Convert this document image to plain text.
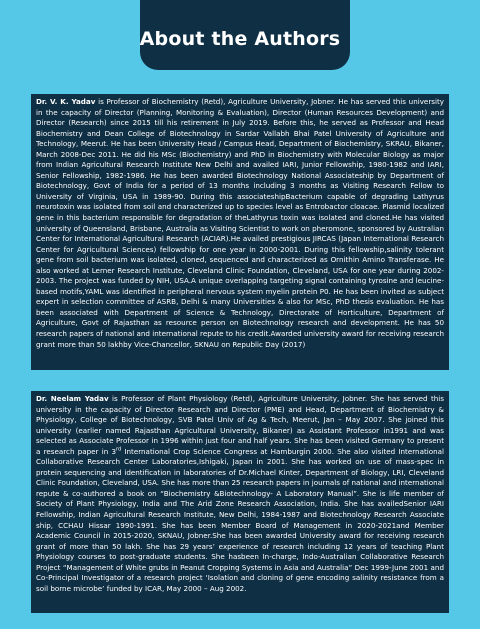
About the Authors
Dr. V. K. Yadav is Professor of Biochemistry (Retd), Agriculture University, Jobner. He has served this university in the capacity of Director (Planning, Monitoring & Evaluation), Director (Human Resources Development) and Director (Research) since 2015 till his retirement in July 2019. Before this, he served as Professor and Head Biochemistry and Dean College of Biotechnology in Sardar Vallabh Bhai Patel University of Agriculture and Technology, Meerut. He has been University Head / Campus Head, Department of Biochemistry, SKRAU, Bikaner, March 2008-Dec 2011. He did his MSc (Biochemistry) and PhD in Biochemistry with Molecular Biology as major from Indian Agricultural Research Institute New Delhi and availed IARI, Junior Fellowship, 1980-1982 and IARI, Senior Fellowship, 1982-1986. He has been awarded Biotechnology National Associateship by Department of Biotechnology, Govt of India for a period of 13 months including 3 months as Visiting Research Fellow to University of Virginia, USA in 1989-90. During this associateshipBacterium capable of degrading Lathyrus neurotoxin was isolated from soil and characterized up to species level as Entrobactor cloacae. Plasmid localized gene in this bacterium responsible for degradation of theLathyrus toxin was isolated and cloned.He has visited university of Queensland, Brisbane, Australia as Visiting Scientist to work on pheromone, sponsored by Australian Center for International Agricultural Research (ACIAR).He availed prestigious JIRCAS (Japan International Research Center for Agricultural Sciences) fellowship for one year in 2000-2001. During this fellowship,salinity tolerant gene from soil bacterium was isolated, cloned, sequenced and characterized as Ornithin Amino Transferase. He also worked at Lerner Research Institute, Cleveland Clinic Foundation, Cleveland, USA for one year during 2002-2003. The project was funded by NIH, USA.A unique overlapping targeting signal containing tyrosine and leucine-based motifs,YAML was identified in peripheral nervous system myelin protein P0. He has been invited as subject expert in selection committee of ASRB, Delhi & many Universities & also for MSc, PhD thesis evaluation. He has been associated with Department of Science & Technology, Directorate of Horticulture, Department of Agriculture, Govt of Rajasthan as resource person on Biotechnology research and development. He has 50 research papers of national and international repute to his credit.Awarded university award for receiving research grant more than 50 lakhby Vice-Chancellor, SKNAU on Republic Day (2017)
Dr. Neelam Yadav is Professor of Plant Physiology (Retd), Agriculture University, Jobner. She has served this university in the capacity of Director Research and Director (PME) and Head, Department of Biochemistry & Physiology, College of Biotechnology, SVB Patel Univ of Ag & Tech, Meerut, Jan – May 2007. She joined this university (earlier named Rajasthan Agricultural University, Bikaner) as Assistant Professor in1991 and was selected as Associate Professor in 1996 within just four and half years. She has been visited Germany to present a research paper in 3rd International Crop Science Congress at Hamburgin 2000. She also visited International Collaborative Research Center Laboratories,Ishigaki, Japan in 2001. She has worked on use of mass-spec in protein sequencing and identification in laboratories of Dr.Michael Kinter, Department of Biology, LRI, Cleveland Clinic Foundation, Cleveland, USA. She has more than 25 research papers in journals of national and international repute & co-authored a book on “Biochemistry &Biotechnology- A Laboratory Manual”. She is life member of Society of Plant Physiology, India and The Arid Zone Research Association, India. She has availedSenior IARI Fellowship, Indian Agricultural Research Institute, New Delhi, 1984-1987 and Biotechnology Research Associate ship, CCHAU Hissar 1990-1991. She has been Member Board of Management in 2020-2021and Member Academic Council in 2015-2020, SKNAU, Jobner.She has been awarded University award for receiving research grant of more than 50 lakh. She has 29 years’ experience of research including 12 years of teaching Plant Physiology courses to post-graduate students. She hasbeen In-charge, Indo-Australian Collaborative Research Project “Management of White grubs in Peanut Cropping Systems in Asia and Australia” Dec 1999-June 2001 and Co-Principal Investigator of a research project ‘Isolation and cloning of gene encoding salinity resistance from a soil borne microbe’ funded by ICAR, May 2000 – Aug 2002.
